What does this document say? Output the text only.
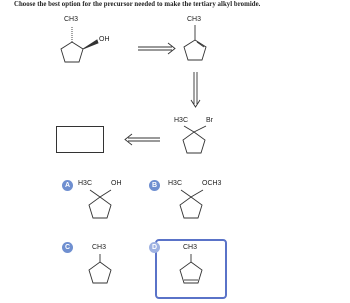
Choose the best option for the precursor needed to make the tertiary alkyl bromide.
CH3
OH
CH3
H3C	Br
A	H3C	OH	B	H3C	OCH3
C	CH3	D	CH3
